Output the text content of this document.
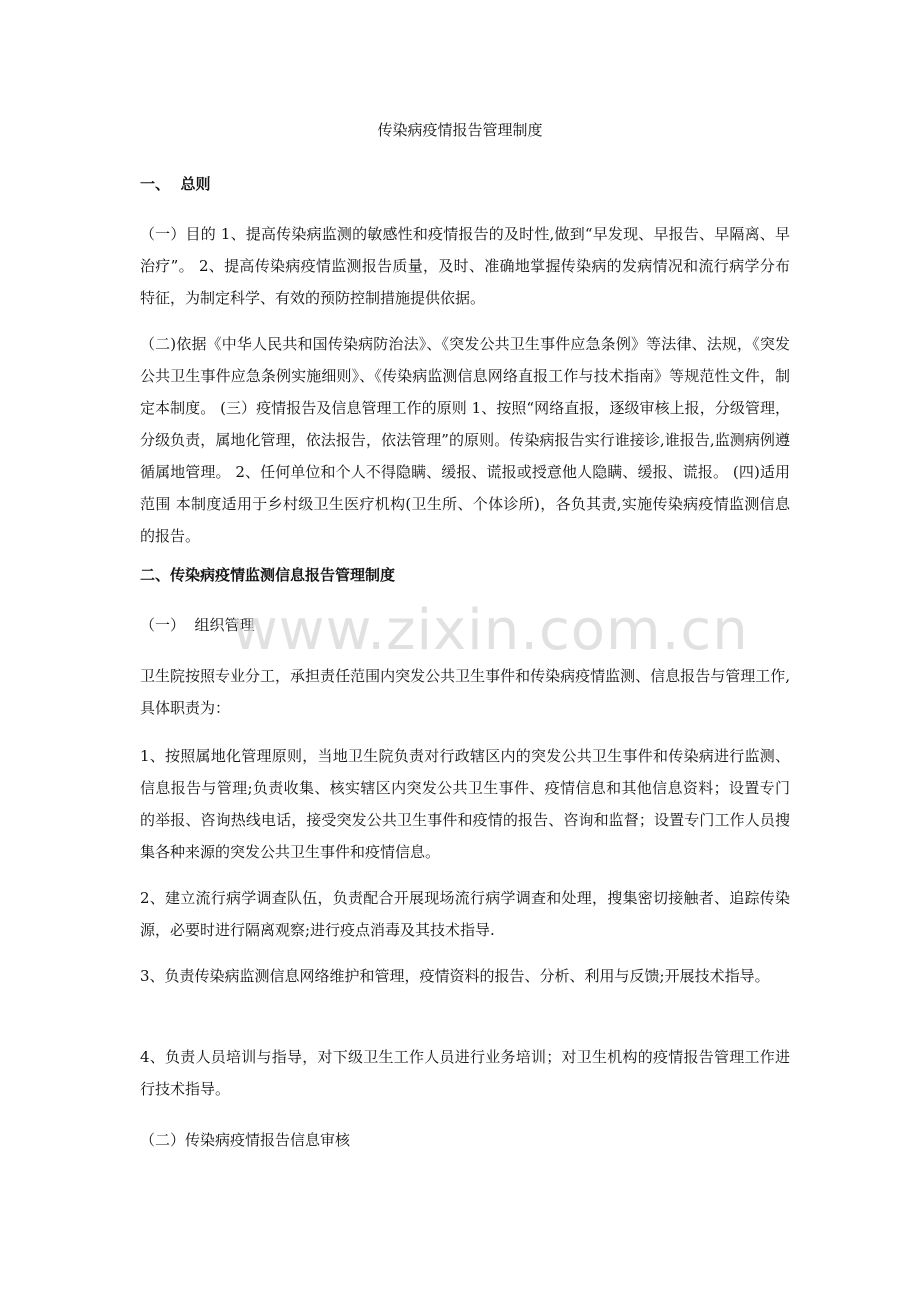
传染病疫情报告管理制度
一、  总则

（一）目的 1、提高传染病监测的敏感性和疫情报告的及时性,做到“早发现、早报告、早隔离、早治疗”。 2、提高传染病疫情监测报告质量，及时、准确地掌握传染病的发病情况和流行病学分布特征，为制定科学、有效的预防控制措施提供依据。

（二)依据《中华人民共和国传染病防治法》、《突发公共卫生事件应急条例》等法律、法规，《突发公共卫生事件应急条例实施细则》、《传染病监测信息网络直报工作与技术指南》等规范性文件，制定本制度。 (三）疫情报告及信息管理工作的原则 1、按照“网络直报，逐级审核上报，分级管理，分级负责，属地化管理，依法报告，依法管理”的原则。传染病报告实行谁接诊,谁报告,监测病例遵循属地管理。 2、任何单位和个人不得隐瞒、缓报、谎报或授意他人隐瞒、缓报、谎报。 (四)适用范围 本制度适用于乡村级卫生医疗机构(卫生所、个体诊所)，各负其责,实施传染病疫情监测信息的报告。

二、传染病疫情监测信息报告管理制度
（一）  组织管理

卫生院按照专业分工，承担责任范围内突发公共卫生事件和传染病疫情监测、信息报告与管理工作,具体职责为：

1、按照属地化管理原则，当地卫生院负责对行政辖区内的突发公共卫生事件和传染病进行监测、信息报告与管理;负责收集、核实辖区内突发公共卫生事件、疫情信息和其他信息资料；设置专门的举报、咨询热线电话，接受突发公共卫生事件和疫情的报告、咨询和监督；设置专门工作人员搜集各种来源的突发公共卫生事件和疫情信息。

2、建立流行病学调查队伍，负责配合开展现场流行病学调查和处理，搜集密切接触者、追踪传染源，必要时进行隔离观察;进行疫点消毒及其技术指导.

3、负责传染病监测信息网络维护和管理，疫情资料的报告、分析、利用与反馈;开展技术指导。

4、负责人员培训与指导，对下级卫生工作人员进行业务培训；对卫生机构的疫情报告管理工作进行技术指导。

（二）传染病疫情报告信息审核
www.zixin.com.cn
